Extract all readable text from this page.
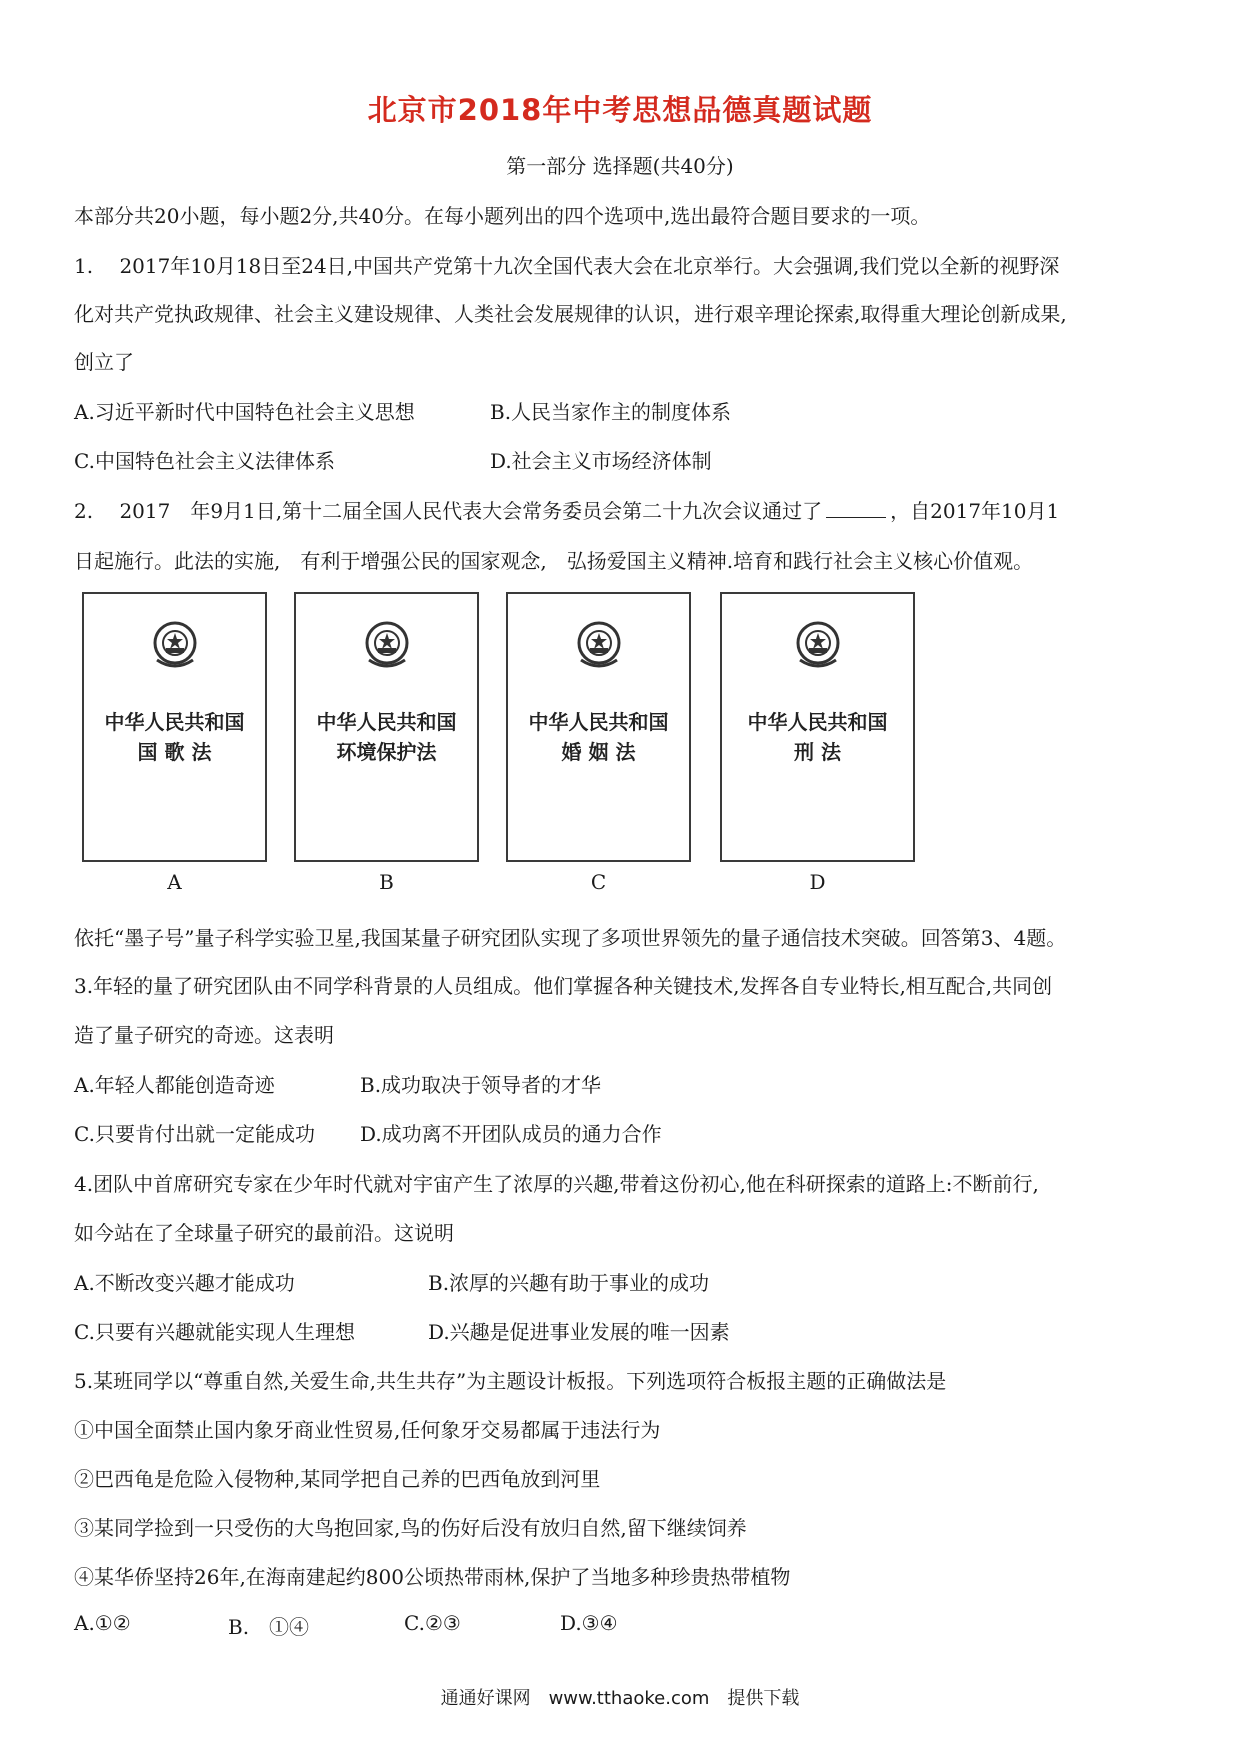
北京市2018年中考思想品德真题试题
第一部分 选择题(共40分)
本部分共20小题，每小题2分,共40分。在每小题列出的四个选项中,选出最符合题目要求的一项。
1.　 2017年10月18日至24日,中国共产党第十九次全国代表大会在北京举行。大会强调,我们党以全新的视野深
化对共产党执政规律、社会主义建设规律、人类社会发展规律的认识，进行艰辛理论探索,取得重大理论创新成果,
创立了
A.习近平新时代中国特色社会主义思想	B.人民当家作主的制度体系
C.中国特色社会主义法律体系	D.社会主义市场经济体制
2.　 2017　年9月1日,第十二届全国人民代表大会常务委员会第二十九次会议通过了	，自2017年10月1
日起施行。此法的实施,　有利于增强公民的国家观念,　弘扬爱国主义精神.培育和践行社会主义核心价值观。
中华人民共和国
国 歌 法
A
中华人民共和国
环境保护法
B
中华人民共和国
婚 姻 法
C
中华人民共和国
刑 法
D
依托“墨子号”量子科学实验卫星,我国某量子研究团队实现了多项世界领先的量子通信技术突破。回答第3、4题。
3.年轻的量了研究团队由不同学科背景的人员组成。他们掌握各种关键技术,发挥各自专业特长,相互配合,共同创
造了量子研究的奇迹。这表明
A.年轻人都能创造奇迹	B.成功取决于领导者的才华
C.只要肯付出就一定能成功 D.成功离不开团队成员的通力合作
4.团队中首席研究专家在少年时代就对宇宙产生了浓厚的兴趣,带着这份初心,他在科研探索的道路上:不断前行,
如今站在了全球量子研究的最前沿。这说明
A.不断改变兴趣才能成功	B.浓厚的兴趣有助于事业的成功
C.只要有兴趣就能实现人生理想	D.兴趣是促进事业发展的唯一因素
5.某班同学以“尊重自然,关爱生命,共生共存”为主题设计板报。下列选项符合板报主题的正确做法是
①中国全面禁止国内象牙商业性贸易,任何象牙交易都属于违法行为
②巴西龟是危险入侵物种,某同学把自己养的巴西龟放到河里
③某同学捡到一只受伤的大鸟抱回家,鸟的伤好后没有放归自然,留下继续饲养
④某华侨坚持26年,在海南建起约800公顷热带雨林,保护了当地多种珍贵热带植物
A.①②	B.　①④	C.②③	D.③④
通通好课网　www.tthaoke.com　提供下载
